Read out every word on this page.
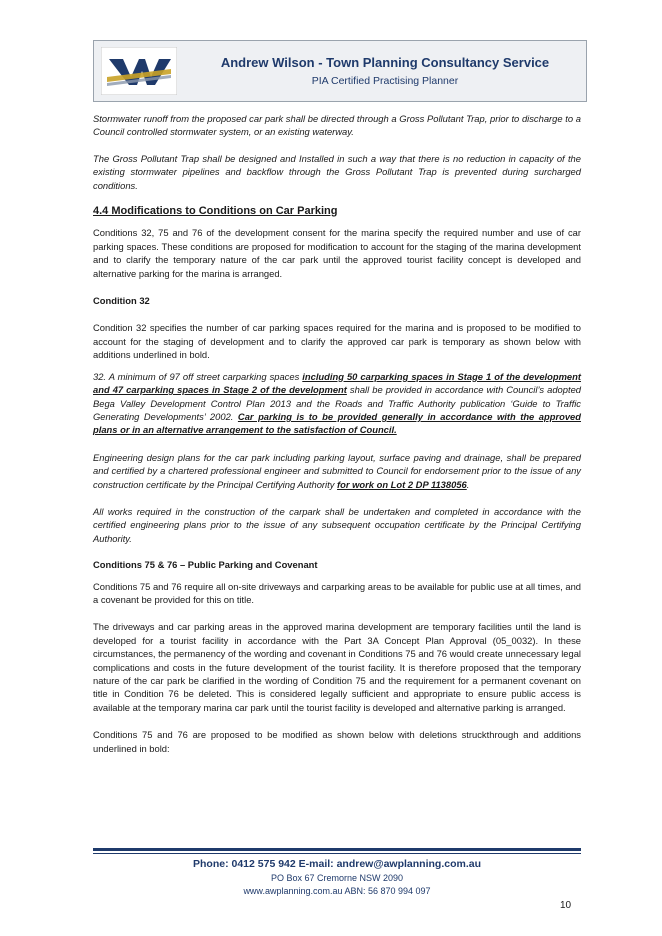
Andrew Wilson - Town Planning Consultancy Service
PIA Certified Practising Planner

Stormwater runoff from the proposed car park shall be directed through a Gross Pollutant Trap, prior to discharge to a Council controlled stormwater system, or an existing waterway.

The Gross Pollutant Trap shall be designed and Installed in such a way that there is no reduction in capacity of the existing stormwater pipelines and backflow through the Gross Pollutant Trap is prevented during surcharged conditions.

4.4 Modifications to Conditions on Car Parking

Conditions 32, 75 and 76 of the development consent for the marina specify the required number and use of car parking spaces. These conditions are proposed for modification to account for the staging of the marina development and to clarify the temporary nature of the car park until the approved tourist facility concept is developed and alternative parking for the marina is arranged.

Condition 32

Condition 32 specifies the number of car parking spaces required for the marina and is proposed to be modified to account for the staging of development and to clarify the approved car park is temporary as shown below with additions underlined in bold.

32. A minimum of 97 off street carparking spaces including 50 carparking spaces in Stage 1 of the development and 47 carparking spaces in Stage 2 of the development shall be provided in accordance with Council’s adopted Bega Valley Development Control Plan 2013 and the Roads and Traffic Authority publication ‘Guide to Traffic Generating Developments’ 2002. Car parking is to be provided generally in accordance with the approved plans or in an alternative arrangement to the satisfaction of Council.

Engineering design plans for the car park including parking layout, surface paving and drainage, shall be prepared and certified by a chartered professional engineer and submitted to Council for endorsement prior to the issue of any construction certificate by the Principal Certifying Authority for work on Lot 2 DP 1138056.

All works required in the construction of the carpark shall be undertaken and completed in accordance with the certified engineering plans prior to the issue of any subsequent occupation certificate by the Principal Certifying Authority.

Conditions 75 & 76 – Public Parking and Covenant

Conditions 75 and 76 require all on-site driveways and carparking areas to be available for public use at all times, and a covenant be provided for this on title.

The driveways and car parking areas in the approved marina development are temporary facilities until the land is developed for a tourist facility in accordance with the Part 3A Concept Plan Approval (05_0032). In these circumstances, the permanency of the wording and covenant in Conditions 75 and 76 would create unnecessary legal complications and costs in the future development of the tourist facility. It is therefore proposed that the temporary nature of the car park be clarified in the wording of Condition 75 and the requirement for a permanent covenant on title in Condition 76 be deleted. This is considered legally sufficient and appropriate to ensure public access is available at the temporary marina car park until the tourist facility is developed and alternative parking is arranged.

Conditions 75 and 76 are proposed to be modified as shown below with deletions struckthrough and additions underlined in bold:

Phone: 0412 575 942 E-mail: andrew@awplanning.com.au
PO Box 67 Cremorne NSW 2090
www.awplanning.com.au ABN: 56 870 994 097
10
